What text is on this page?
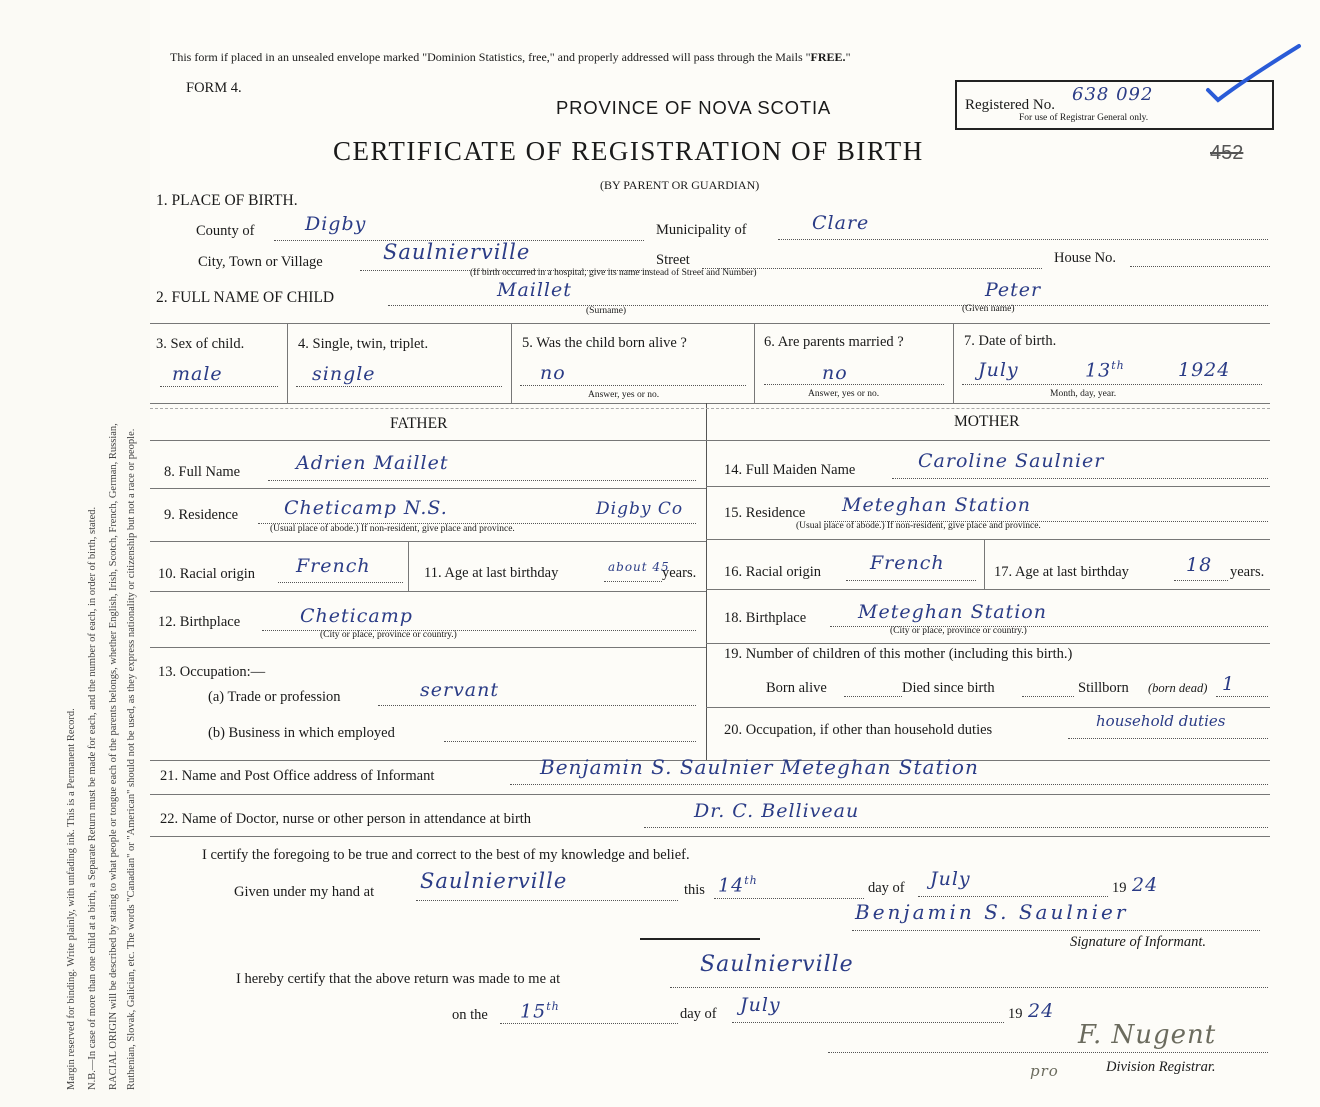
Margin reserved for binding. Write plainly, with unfading ink. This is a Permanent Record. N.B.—In case of more than one child at a birth, a Separate Return must be made for each, and the number of each, in order of birth, stated. RACIAL ORIGIN will be described by stating to what people or tongue each of the parents belongs, whether English, Irish, Scotch, French, German, Russian, Ruthenian, Slovak, Galician, etc. The words "Canadian" or "American" should not be used, as they express nationality or citizenship but not a race or people.
This form if placed in an unsealed envelope marked "Dominion Statistics, free," and properly addressed will pass through the Mails "FREE."
FORM 4.
PROVINCE OF NOVA SCOTIA	Registered No. 638 092
For use of Registrar General only.
452
CERTIFICATE OF REGISTRATION OF BIRTH
(BY PARENT OR GUARDIAN)
1. PLACE OF BIRTH.
County of	Digby	Municipality of	Clare
City, Town or Village	Saulnierville	Street	House No.
(If birth occurred in a hospital, give its name instead of Street and Number)
2. FULL NAME OF CHILD	Maillet	Peter
(Surname)	(Given name)
3. Sex of child.
male
4. Single, twin, triplet.
single
5. Was the child born alive ?
no
Answer, yes or no.
6. Are parents married ?
no
Answer, yes or no.
7. Date of birth.
July	13th	1924
Month, day, year.
FATHER	MOTHER
8. Full Name	Adrien Maillet
9. Residence Cheticamp N.S.	Digby Co
(Usual place of abode.) If non-resident, give place and province.
10. Racial origin French	11. Age at last birthday	about 45
years.
12. Birthplace	Cheticamp
(City or place, province or country.)
13. Occupation:—
(a) Trade or profession	servant
(b) Business in which employed
14. Full Maiden Name	Caroline Saulnier
15. Residence Meteghan Station
(Usual place of abode.) If non-resident, give place and province.
16. Racial origin	French	17. Age at last birthday	18 years.
18. Birthplace	Meteghan Station
(City or place, province or country.)
19. Number of children of this mother (including this birth.)
Born alive	Died since birth	Stillborn (born dead) 1
20. Occupation, if other than household duties	household duties
21. Name and Post Office address of Informant	Benjamin S. Saulnier Meteghan Station
22. Name of Doctor, nurse or other person in attendance at birth	Dr. C. Belliveau
I certify the foregoing to be true and correct to the best of my knowledge and belief.
Given under my hand at Saulnierville	this 14th	day of July	19 24
Benjamin S. Saulnier
Signature of Informant.
I hereby certify that the above return was made to me at
Saulnierville
on the 15th	day of July	19 24
F. Nugent
pro	Division Registrar.
